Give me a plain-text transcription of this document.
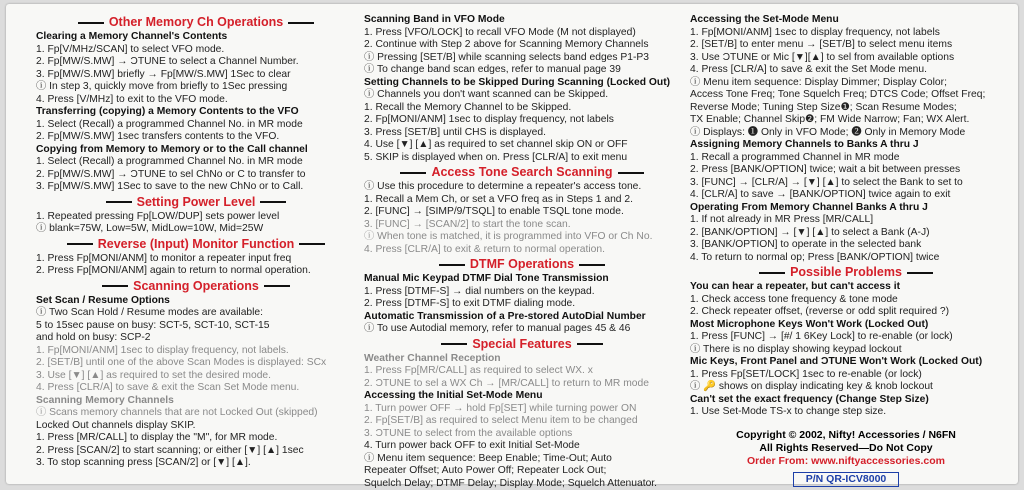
Other Memory Ch Operations
Clearing a Memory Channel's Contents
1. Fp[V/MHz/SCAN] to select VFO mode.
2. Fp[MW/S.MW] → ƆTUNE to select a Channel Number.
3. Fp[MW/S.MW] briefly → Fp[MW/S.MW] 1Sec to clear
ⓘ In step 3, quickly move from briefly to 1Sec pressing
4. Press [V/MHz] to exit to the VFO mode.
Transferring (copying) a Memory Contents to the VFO
1. Select (Recall) a programmed Channel No. in MR mode
2. Fp[MW/S.MW] 1sec transfers contents to the VFO.
Copying from Memory to Memory or to the Call channel
1. Select (Recall) a programmed Channel No. in MR mode
2. Fp[MW/S.MW] → ƆTUNE to sel ChNo or C to transfer to
3. Fp[MW/S.MW] 1Sec to save to the new ChNo or to Call.
Setting Power Level
1. Repeated pressing Fp[LOW/DUP] sets power level
ⓘ blank=75W, Low=5W, MidLow=10W, Mid=25W
Reverse (Input) Monitor Function
1. Press Fp[MONI/ANM] to monitor a repeater input freq
2. Press Fp[MONI/ANM] again to return to normal operation.
Scanning Operations
Set Scan / Resume Options
ⓘ Two Scan Hold / Resume modes are available:
5 to 15sec pause on busy: SCT-5, SCT-10, SCT-15
and hold on busy: SCP-2
1. Fp[MONI/ANM] 1sec to display frequency, not labels.
2. [SET/B] until one of the above Scan Modes is displayed: SCx
3. Use [▼] [▲] as required to set the desired mode.
4. Press [CLR/A] to save & exit the Scan Set Mode menu.
Scanning Memory Channels
ⓘ Scans memory channels that are not Locked Out (skipped)
Locked Out channels display SKIP.
1. Press [MR/CALL] to display the "M", for MR mode.
2. Press [SCAN/2] to start scanning; or either [▼] [▲] 1sec
3. To stop scanning press [SCAN/2] or [▼] [▲].
Scanning Band in VFO Mode
1. Press [VFO/LOCK] to recall VFO Mode (M not displayed)
2. Continue with Step 2 above for Scanning Memory Channels
ⓘ Pressing [SET/B] while scanning selects band edges P1-P3
ⓘ To change band scan edges, refer to manual page 39
Setting Channels to be Skipped During Scanning (Locked Out)
ⓘ Channels you don't want scanned can be Skipped.
1. Recall the Memory Channel to be Skipped.
2. Fp[MONI/ANM] 1sec to display frequency, not labels
3. Press [SET/B] until CHS is displayed.
4. Use [▼] [▲] as required to set channel skip ON or OFF
5. SKIP is displayed when on. Press [CLR/A] to exit menu
Access Tone Search Scanning
ⓘ Use this procedure to determine a repeater's access tone.
1. Recall a Mem Ch, or set a VFO freq as in Steps 1 and 2.
2. [FUNC] → [SIMP/9/TSQL] to enable TSQL tone mode.
3. [FUNC] → [SCAN/2] to start the tone scan.
ⓘ When tone is matched, it is programmed into VFO or Ch No.
4. Press [CLR/A] to exit & return to normal operation.
DTMF Operations
Manual Mic Keypad DTMF Dial Tone Transmission
1. Press [DTMF-S] → dial numbers on the keypad.
2. Press [DTMF-S] to exit DTMF dialing mode.
Automatic Transmission of a Pre-stored AutoDial Number
ⓘ To use Autodial memory, refer to manual pages 45 & 46
Special Features
Weather Channel Reception
1. Press Fp[MR/CALL] as required to select WX. x
2. ƆTUNE to sel a WX Ch → [MR/CALL] to return to MR mode
Accessing the Initial Set-Mode Menu
1. Turn power OFF → hold Fp[SET] while turning power ON
2. Fp[SET/B] as required to select Menu item to be changed
3. ƆTUNE to select from the available options
4. Turn power back OFF to exit Initial Set-Mode
ⓘ Menu item sequence: Beep Enable; Time-Out; Auto
Repeater Offset; Auto Power Off; Repeater Lock Out;
Squelch Delay; DTMF Delay; Display Mode; Squelch Attenuator.
Accessing the Set-Mode Menu
1. Fp[MONI/ANM] 1sec to display frequency, not labels
2. [SET/B] to enter menu → [SET/B] to select menu items
3. Use ƆTUNE or Mic [▼][▲] to sel from available options
4. Press [CLR/A] to save & exit the Set Mode menu.
ⓘ Menu item sequence: Display Dimmer; Display Color;
Access Tone Freq; Tone Squelch Freq; DTCS Code; Offset Freq;
Reverse Mode; Tuning Step Size❶; Scan Resume Modes;
TX Enable; Channel Skip❷; FM Wide Narrow; Fan; WX Alert.
ⓘ Displays: ❶ Only in VFO Mode; ❷ Only in Memory Mode
Assigning Memory Channels to Banks A thru J
1. Recall a programmed Channel in MR mode
2. Press [BANK/OPTION] twice; wait a bit between presses
3. [FUNC] → [CLR/A] → [▼] [▲] to select the Bank to set to
4. [CLR/A] to save → [BANK/OPTION] twice again to exit
Operating From Memory Channel Banks A thru J
1. If not already in MR Press [MR/CALL]
2. [BANK/OPTION] → [▼] [▲] to select a Bank (A-J)
3. [BANK/OPTION] to operate in the selected bank
4. To return to normal op; Press [BANK/OPTION] twice
Possible Problems
You can hear a repeater, but can't access it
1. Check access tone frequency & tone mode
2. Check repeater offset, (reverse or odd split required ?)
Most Microphone Keys Won't Work (Locked Out)
1. Press [FUNC] → [#/ 1 6Key Lock] to re-enable (or lock)
ⓘ There is no display showing keypad lockout
Mic Keys, Front Panel and ƆTUNE Won't Work (Locked Out)
1. Press Fp[SET/LOCK] 1sec to re-enable (or lock)
ⓘ 🔑 shows on display indicating key & knob lockout
Can't set the exact frequency (Change Step Size)
1. Use Set-Mode TS-x to change step size.
Copyright © 2002, Nifty! Accessories / N6FN
All Rights Reserved—Do Not Copy
Order From: www.niftyaccessories.com
P/N QR-ICV8000
